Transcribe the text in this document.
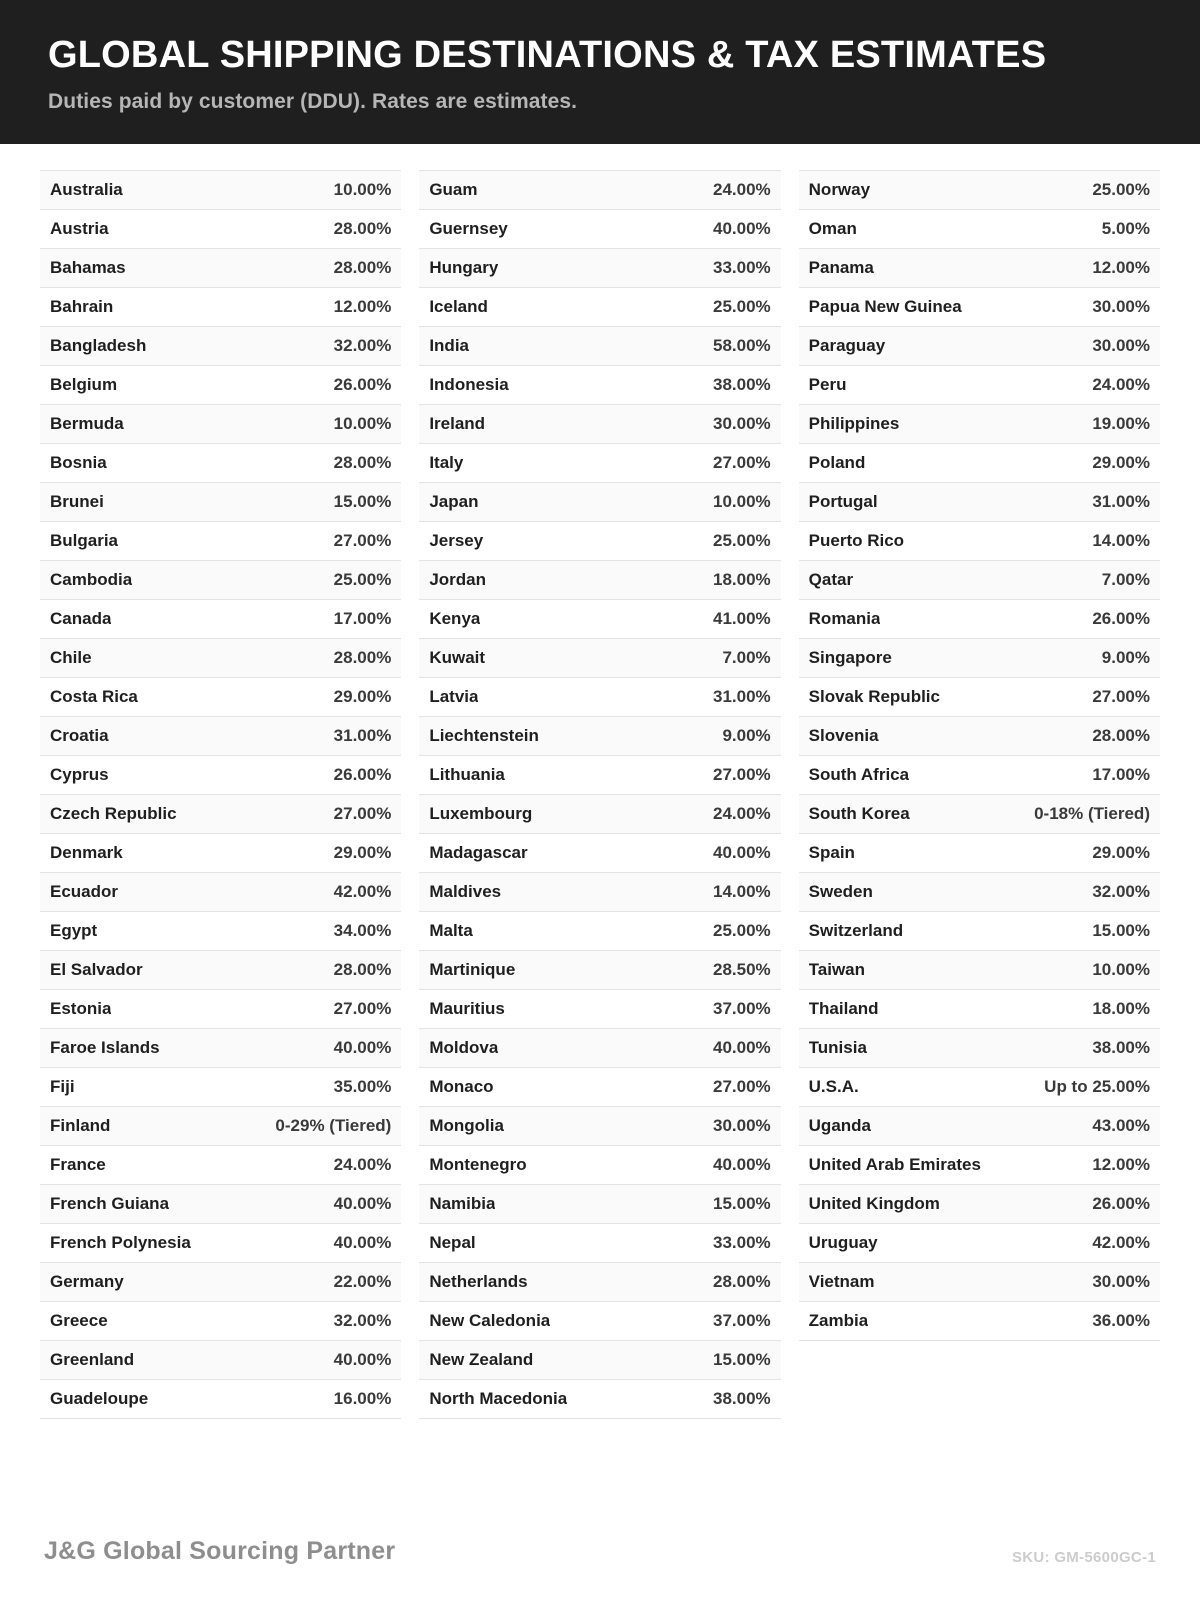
GLOBAL SHIPPING DESTINATIONS & TAX ESTIMATES
Duties paid by customer (DDU). Rates are estimates.
Australia	10.00%
Austria	28.00%
Bahamas	28.00%
Bahrain	12.00%
Bangladesh	32.00%
Belgium	26.00%
Bermuda	10.00%
Bosnia	28.00%
Brunei	15.00%
Bulgaria	27.00%
Cambodia	25.00%
Canada	17.00%
Chile	28.00%
Costa Rica	29.00%
Croatia	31.00%
Cyprus	26.00%
Czech Republic	27.00%
Denmark	29.00%
Ecuador	42.00%
Egypt	34.00%
El Salvador	28.00%
Estonia	27.00%
Faroe Islands	40.00%
Fiji	35.00%
Finland	0-29% (Tiered)
France	24.00%
French Guiana	40.00%
French Polynesia	40.00%
Germany	22.00%
Greece	32.00%
Greenland	40.00%
Guadeloupe	16.00%
Guam	24.00%
Guernsey	40.00%
Hungary	33.00%
Iceland	25.00%
India	58.00%
Indonesia	38.00%
Ireland	30.00%
Italy	27.00%
Japan	10.00%
Jersey	25.00%
Jordan	18.00%
Kenya	41.00%
Kuwait	7.00%
Latvia	31.00%
Liechtenstein	9.00%
Lithuania	27.00%
Luxembourg	24.00%
Madagascar	40.00%
Maldives	14.00%
Malta	25.00%
Martinique	28.50%
Mauritius	37.00%
Moldova	40.00%
Monaco	27.00%
Mongolia	30.00%
Montenegro	40.00%
Namibia	15.00%
Nepal	33.00%
Netherlands	28.00%
New Caledonia	37.00%
New Zealand	15.00%
North Macedonia	38.00%
Norway	25.00%
Oman	5.00%
Panama	12.00%
Papua New Guinea	30.00%
Paraguay	30.00%
Peru	24.00%
Philippines	19.00%
Poland	29.00%
Portugal	31.00%
Puerto Rico	14.00%
Qatar	7.00%
Romania	26.00%
Singapore	9.00%
Slovak Republic	27.00%
Slovenia	28.00%
South Africa	17.00%
South Korea	0-18% (Tiered)
Spain	29.00%
Sweden	32.00%
Switzerland	15.00%
Taiwan	10.00%
Thailand	18.00%
Tunisia	38.00%
U.S.A.	Up to 25.00%
Uganda	43.00%
United Arab Emirates	12.00%
United Kingdom	26.00%
Uruguay	42.00%
Vietnam	30.00%
Zambia	36.00%
J&G Global Sourcing Partner	SKU: GM-5600GC-1
